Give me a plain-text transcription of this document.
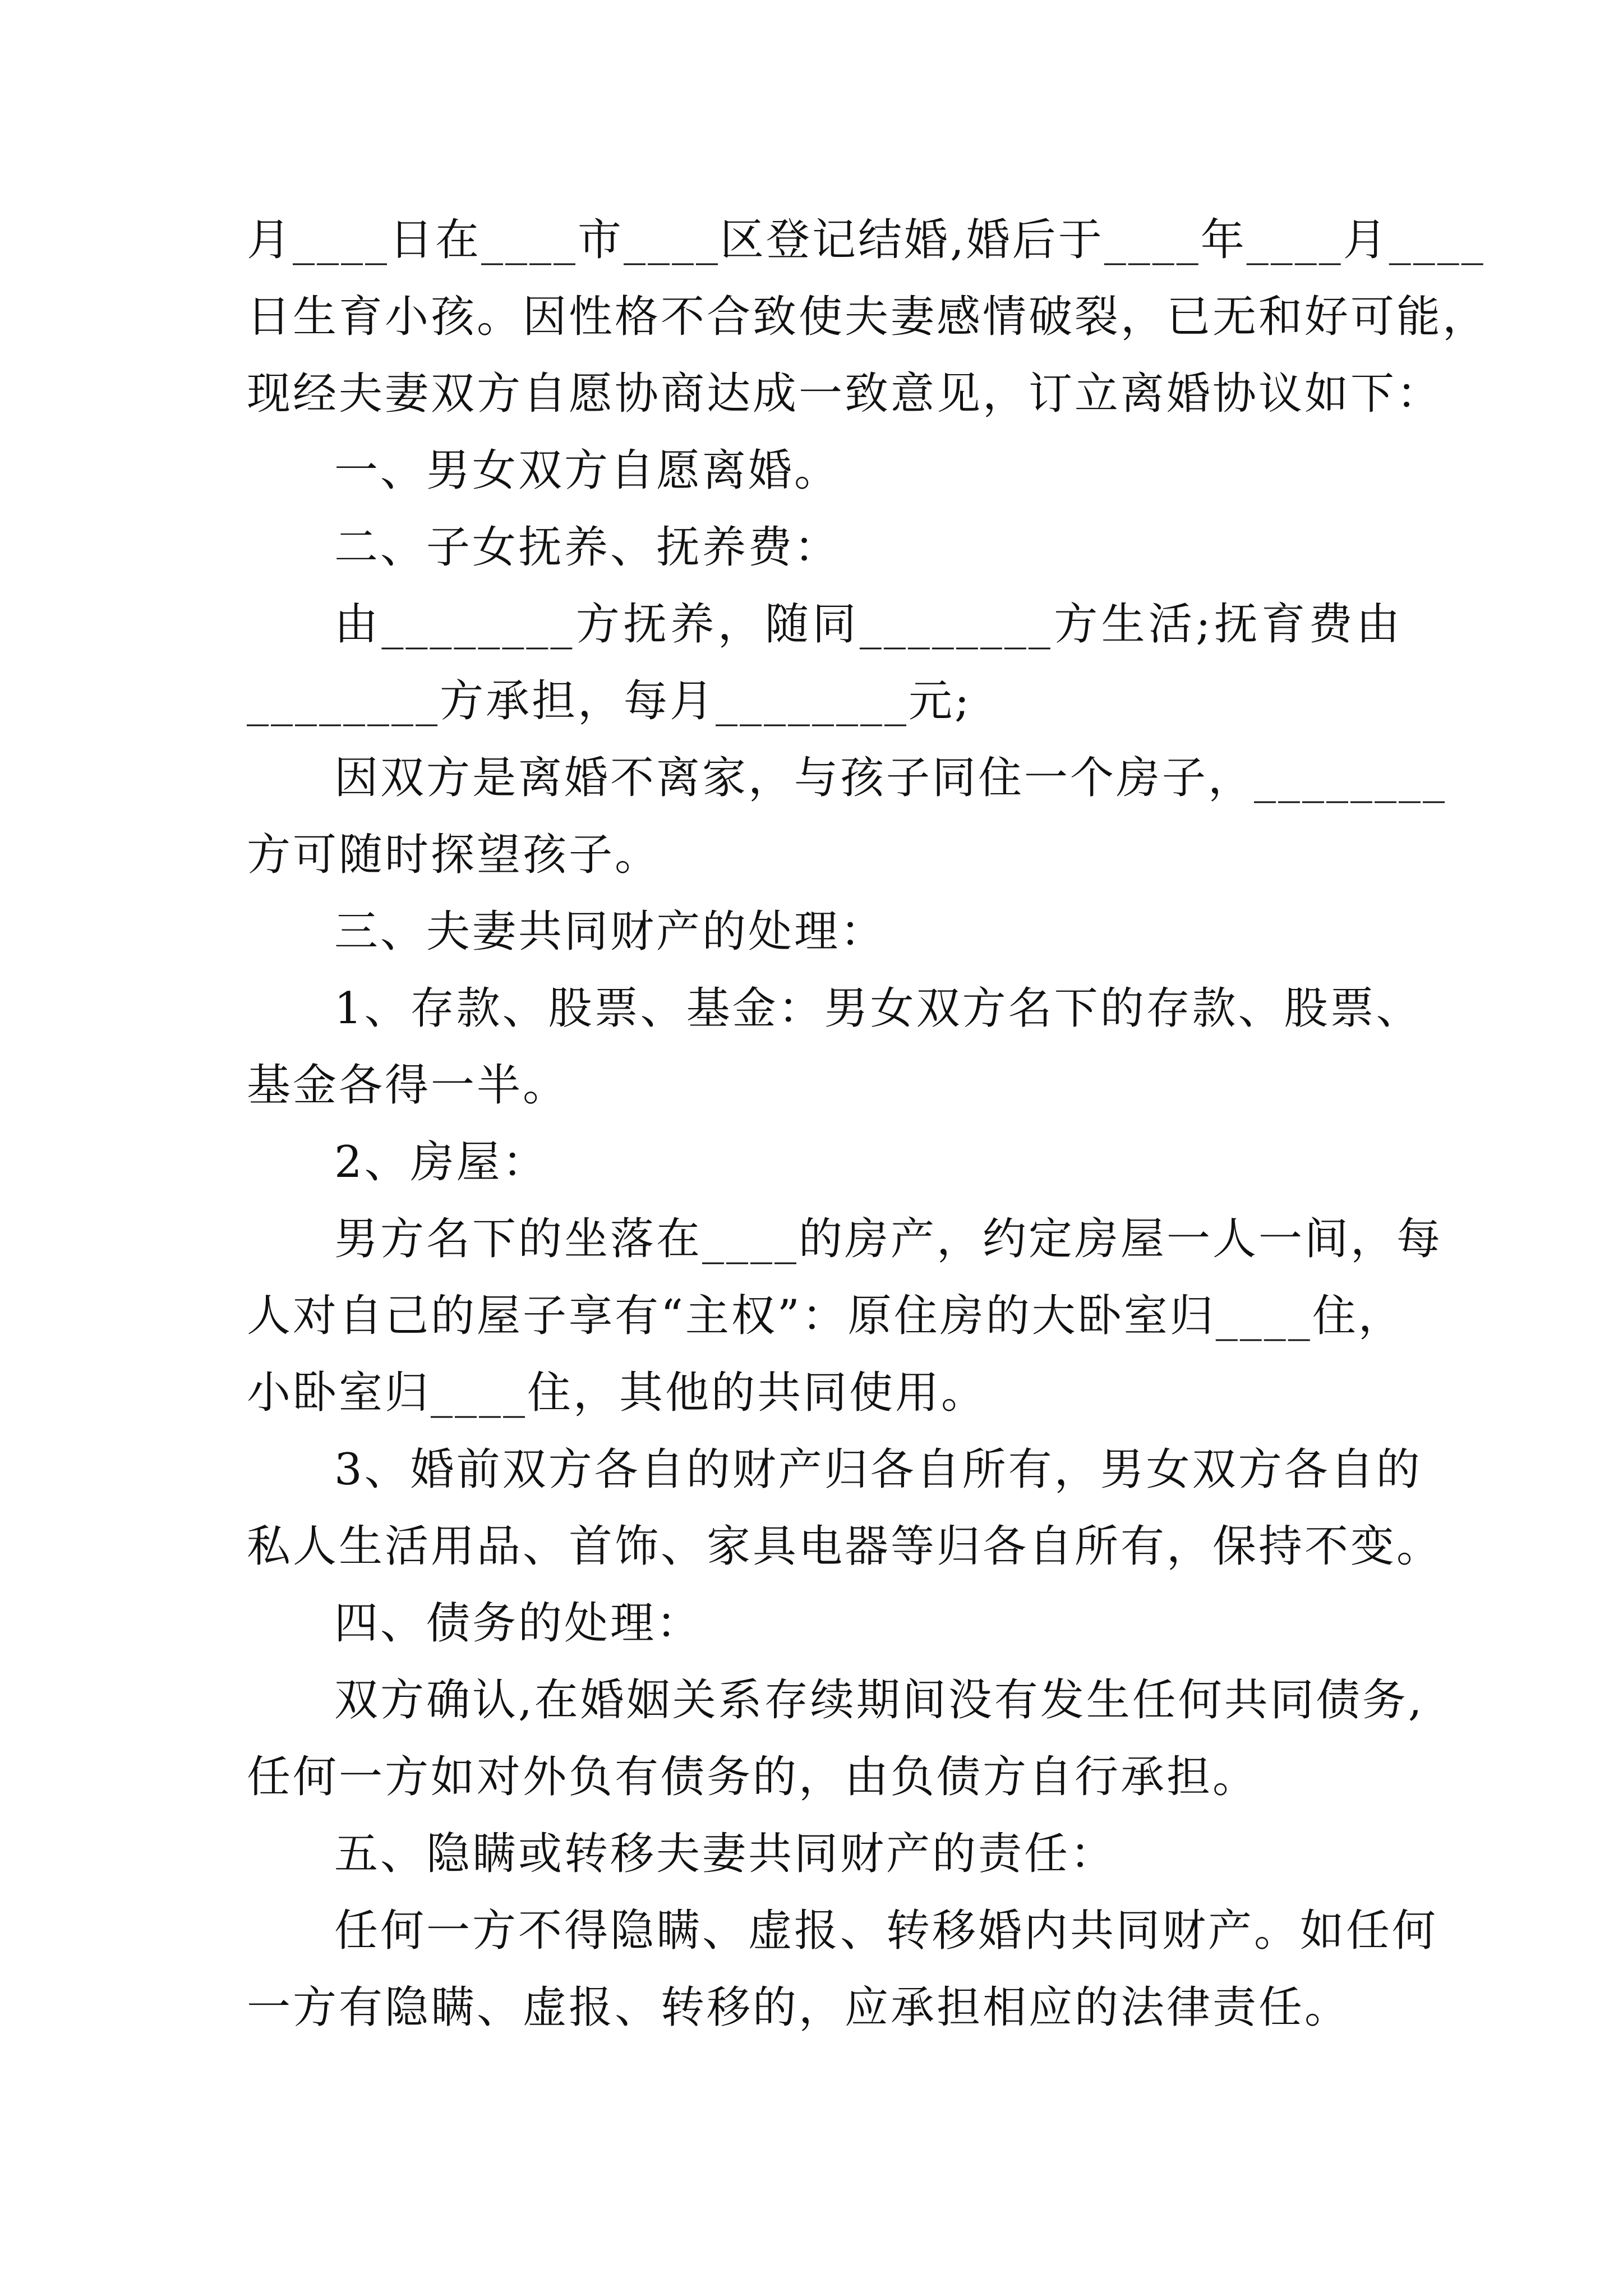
月____日在____市____区登记结婚,婚后于____年____月____
日生育小孩。因性格不合致使夫妻感情破裂，已无和好可能，
现经夫妻双方自愿协商达成一致意见，订立离婚协议如下：
一、男女双方自愿离婚。
二、子女抚养、抚养费：
由________方抚养，随同________方生活;抚育费由
________方承担，每月________元;
因双方是离婚不离家，与孩子同住一个房子，________
方可随时探望孩子。
三、夫妻共同财产的处理：
1、存款、股票、基金：男女双方名下的存款、股票、
基金各得一半。
2、房屋：
男方名下的坐落在____的房产，约定房屋一人一间，每
人对自己的屋子享有“主权”：原住房的大卧室归____住，
小卧室归____住，其他的共同使用。
3、婚前双方各自的财产归各自所有，男女双方各自的
私人生活用品、首饰、家具电器等归各自所有，保持不变。
四、债务的处理：
双方确认,在婚姻关系存续期间没有发生任何共同债务,
任何一方如对外负有债务的，由负债方自行承担。
五、隐瞒或转移夫妻共同财产的责任：
任何一方不得隐瞒、虚报、转移婚内共同财产。如任何
一方有隐瞒、虚报、转移的，应承担相应的法律责任。
